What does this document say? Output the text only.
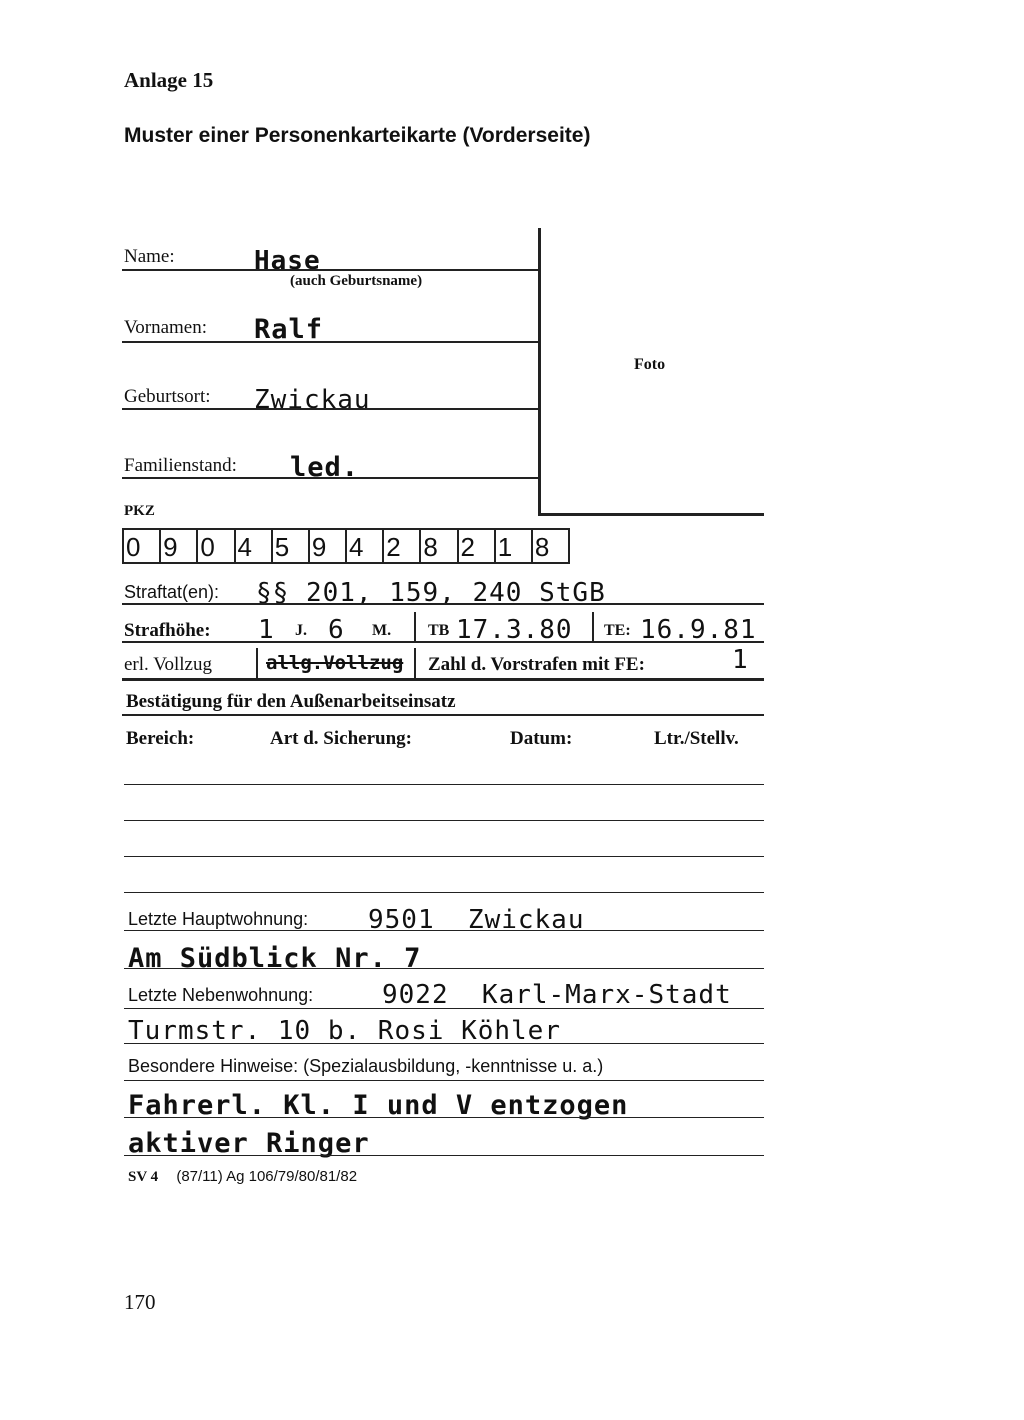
Anlage 15
Muster einer Personenkarteikarte (Vorderseite)
Foto
Name:	Hase
(auch Geburtsname)
Vornamen: Ralf
Geburtsort: Zwickau
Familienstand: led.
PKZ
0 9 0 4 5 9 4 2 8 2 1 8
Straftat(en): §§ 201, 159, 240 StGB
Strafhöhe: 1 J. 6 M. TB 17.3.80 TE: 16.9.81
erl. Vollzug	allg.Vollzug Zahl d. Vorstrafen mit FE:	1
Bestätigung für den Außenarbeitseinsatz
Bereich:	Art d. Sicherung:	Datum:	Ltr./Stellv.
Letzte Hauptwohnung: 9501  Zwickau
Am Südblick Nr. 7
Letzte Nebenwohnung:	9022  Karl-Marx-Stadt
Turmstr. 10 b. Rosi Köhler
Besondere Hinweise: (Spezialausbildung, -kenntnisse u. a.)
Fahrerl. Kl. I und V entzogen
aktiver Ringer
SV 4 (87/11) Ag 106/79/80/81/82
170
